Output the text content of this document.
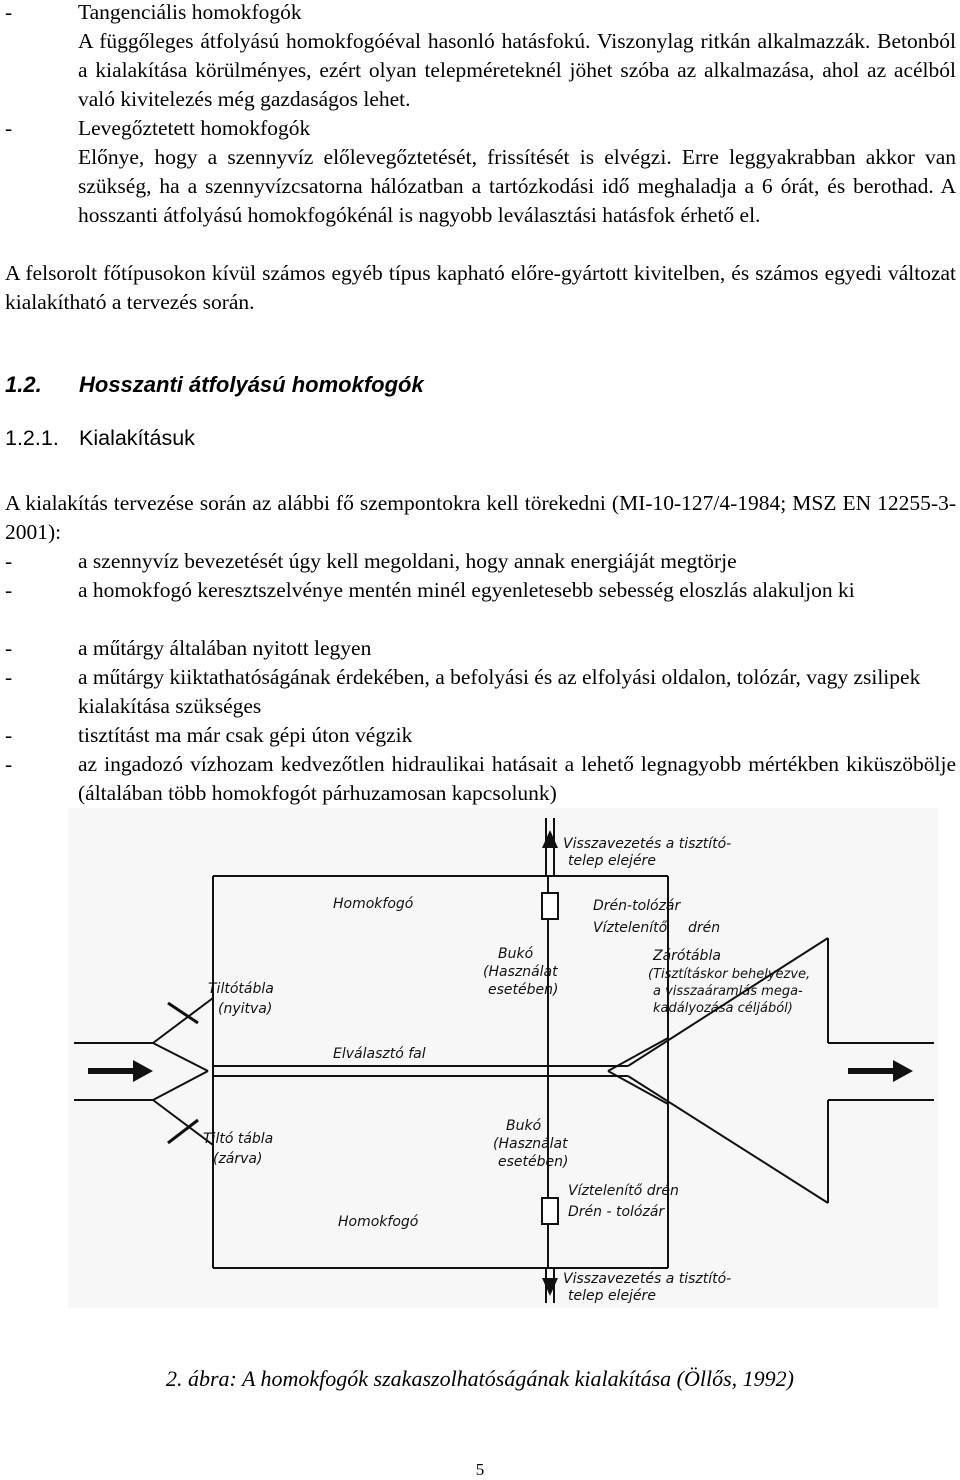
-	Tangenciális homokfogók

A függőleges átfolyású homokfogóéval hasonló hatásfokú. Viszonylag ritkán alkalmazzák. Betonból a kialakítása körülményes, ezért olyan telepméreteknél jöhet szóba az alkalmazása, ahol az acélból való kivitelezés még gazdaságos lehet.

-	Levegőztetett homokfogók

Előnye, hogy a szennyvíz előlevegőztetését, frissítését is elvégzi. Erre leggyakrabban akkor van szükség, ha a szennyvízcsatorna hálózatban a tartózkodási idő meghaladja a 6 órát, és berothad. A hosszanti átfolyású homokfogókénál is nagyobb leválasztási hatásfok érhető el.

A felsorolt főtípusokon kívül számos egyéb típus kapható előre-gyártott kivitelben, és számos egyedi változat kialakítható a tervezés során.

1.2. Hosszanti átfolyású homokfogók
1.2.1. Kialakításuk

A kialakítás tervezése során az alábbi fő szempontokra kell törekedni (MI-10-127/4-1984; MSZ EN 12255-3-2001):

-	a szennyvíz bevezetését úgy kell megoldani, hogy annak energiáját megtörje

-	a homokfogó keresztszelvénye mentén minél egyenletesebb sebesség eloszlás alakuljon ki

-	a műtárgy általában nyitott legyen

-	a műtárgy kiiktathatóságának érdekében, a befolyási és az elfolyási oldalon, tolózár, vagy zsilipek kialakítása szükséges

-	tisztítást ma már csak gépi úton végzik

-	az ingadozó vízhozam kedvezőtlen hidraulikai hatásait a lehető legnagyobb mértékben kiküszöbölje (általában több homokfogót párhuzamosan kapcsolunk)

Visszavezetés a tisztító-
telep elejére
Homokfogó	Drén-tolózár
Víztelenítő drén
Bukó
(Használat
esetében)
Zárótábla
(Tisztításkor behelyezve,
a visszaáramlás mega-
kadályozása céljából)
Tiltótábla
(nyitva)
Elválasztó fal
Tiltó tábla
(zárva)
Bukó
(Használat
esetében)
Víztelenítő drén
Drén - tolózár
Homokfogó
Visszavezetés a tisztító-
telep elejére
2. ábra: A homokfogók szakaszolhatóságának kialakítása (Öllős, 1992)
5
